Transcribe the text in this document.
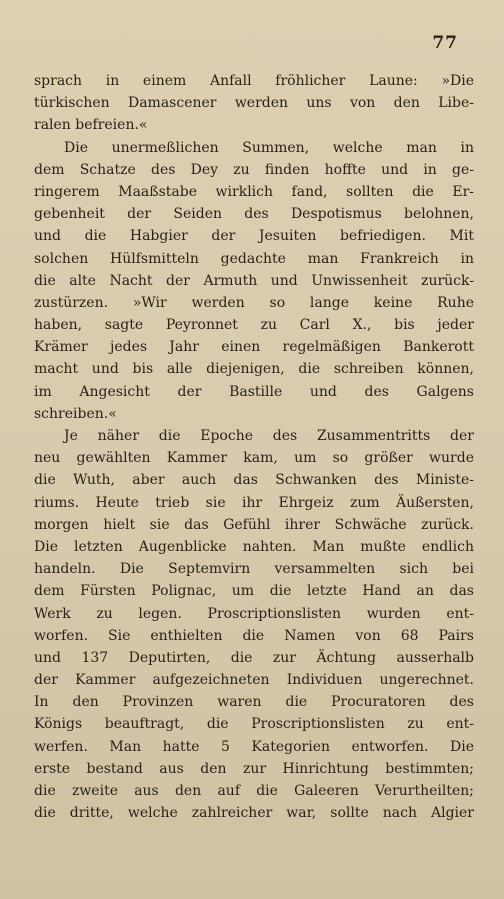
77
sprach in einem Anfall fröhlicher Laune: »Die
türkischen Damascener werden uns von den Libe-
ralen befreien.«
Die unermeßlichen Summen, welche man in
dem Schatze des Dey zu finden hoffte und in ge-
ringerem Maaßstabe wirklich fand, sollten die Er-
gebenheit der Seiden des Despotismus belohnen,
und die Habgier der Jesuiten befriedigen. Mit
solchen Hülfsmitteln gedachte man Frankreich in
die alte Nacht der Armuth und Unwissenheit zurück-
zustürzen. »Wir werden so lange keine Ruhe
haben, sagte Peyronnet zu Carl X., bis jeder
Krämer jedes Jahr einen regelmäßigen Bankerott
macht und bis alle diejenigen, die schreiben können,
im Angesicht der Bastille und des Galgens
schreiben.«
Je näher die Epoche des Zusammentritts der
neu gewählten Kammer kam, um so größer wurde
die Wuth, aber auch das Schwanken des Ministe-
riums. Heute trieb sie ihr Ehrgeiz zum Äußersten,
morgen hielt sie das Gefühl ihrer Schwäche zurück.
Die letzten Augenblicke nahten. Man mußte endlich
handeln. Die Septemvirn versammelten sich bei
dem Fürsten Polignac, um die letzte Hand an das
Werk zu legen. Proscriptionslisten wurden ent-
worfen. Sie enthielten die Namen von 68 Pairs
und 137 Deputirten, die zur Ächtung ausserhalb
der Kammer aufgezeichneten Individuen ungerechnet.
In den Provinzen waren die Procuratoren des
Königs beauftragt, die Proscriptionslisten zu ent-
werfen. Man hatte 5 Kategorien entworfen. Die
erste bestand aus den zur Hinrichtung bestimmten;
die zweite aus den auf die Galeeren Verurtheilten;
die dritte, welche zahlreicher war, sollte nach Algier
